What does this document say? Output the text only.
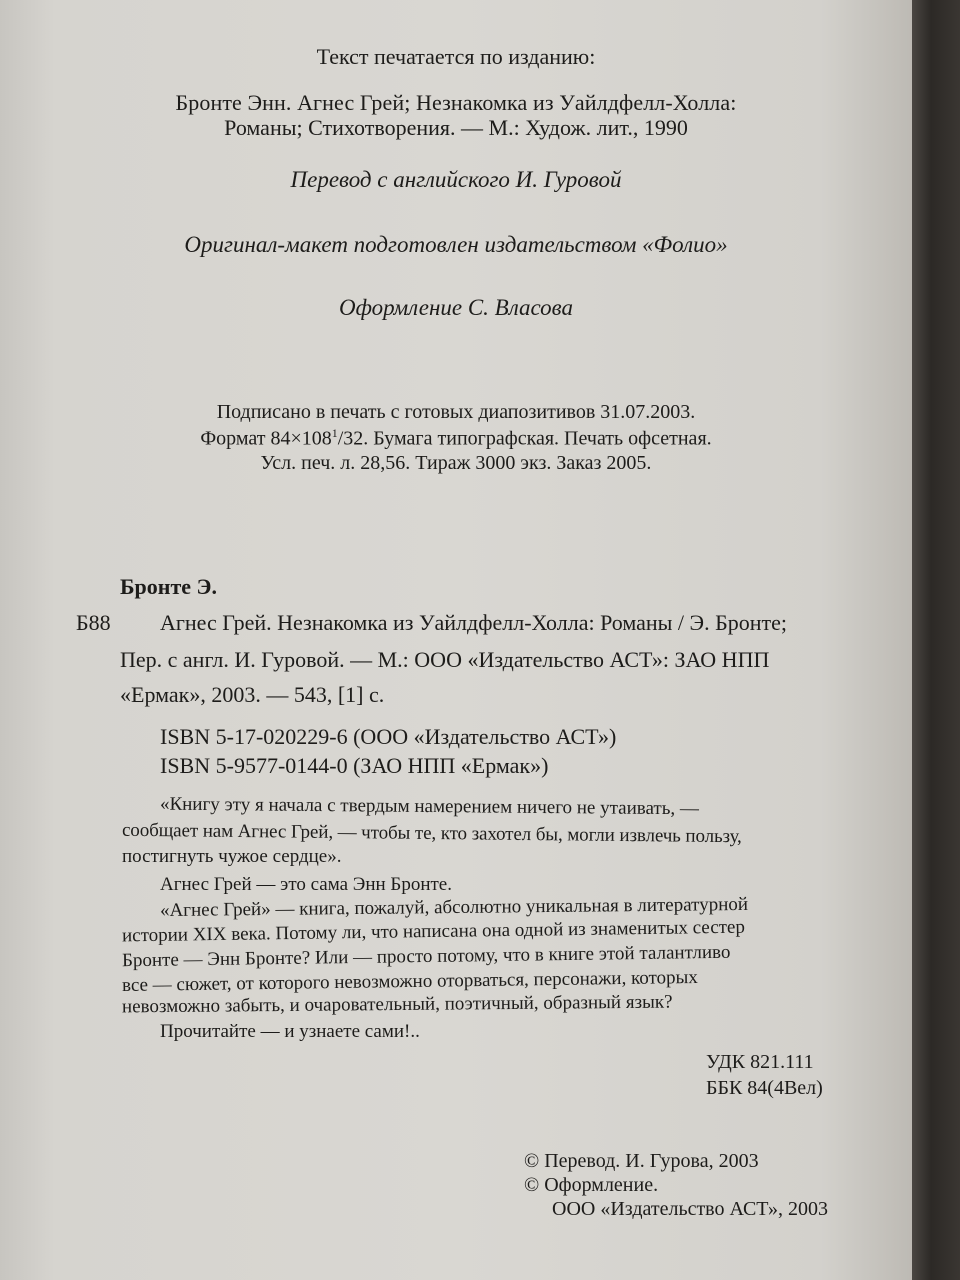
Текст печатается по изданию:
Бронте Энн. Агнес Грей; Незнакомка из Уайлдфелл-Холла:
Романы; Стихотворения. — М.: Худож. лит., 1990
Перевод с английского И. Гуровой
Оригинал-макет подготовлен издательством «Фолио»
Оформление С. Власова
Подписано в печать с готовых диапозитивов 31.07.2003.
Формат $84\times 108^1/32$. Бумага типографская. Печать офсетная.
Усл. печ. л. 28,56. Тираж 3000 экз. Заказ 2005.
Бронте Э.
Б88 Агнес Грей. Незнакомка из Уайлдфелл-Холла: Романы / Э. Бронте;
Пер. с англ. И. Гуровой. — М.: ООО «Издательство АСТ»: ЗАО НПП
«Ермак», 2003. — 543, [1] с.
ISBN 5-17-020229-6 (ООО «Издательство АСТ»)
ISBN 5-9577-0144-0 (ЗАО НПП «Ермак»)
«Книгу эту я начала с твердым намерением ничего не утаивать, —
сообщает нам Агнес Грей, — чтобы те, кто захотел бы, могли извлечь пользу,
постигнуть чужое сердце».
Агнес Грей — это сама Энн Бронте.
«Агнес Грей» — книга, пожалуй, абсолютно уникальная в литературной
истории XIX века. Потому ли, что написана она одной из знаменитых сестер
Бронте — Энн Бронте? Или — просто потому, что в книге этой талантливо
все — сюжет, от которого невозможно оторваться, персонажи, которых
невозможно забыть, и очаровательный, поэтичный, образный язык?
Прочитайте — и узнаете сами!..
УДК 821.111
ББК 84(4Вел)
© Перевод. И. Гурова, 2003
© Оформление.
ООО «Издательство АСТ», 2003
